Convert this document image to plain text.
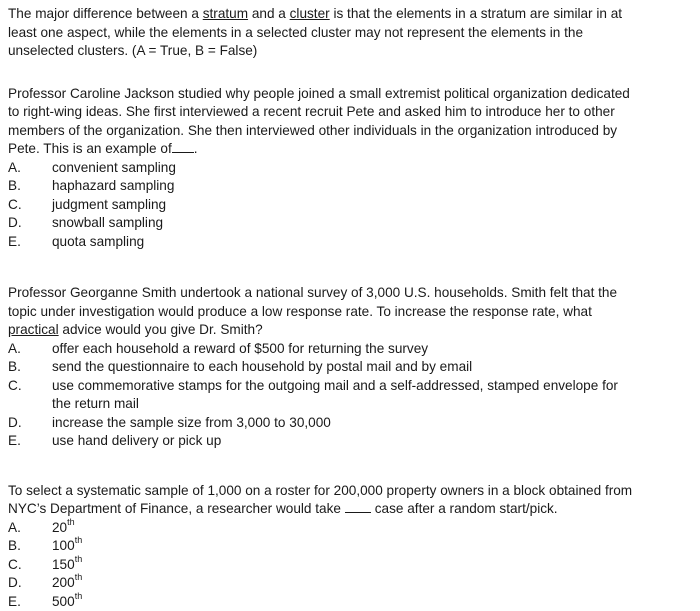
The major difference between a stratum and a cluster is that the elements in a stratum are similar in at least one aspect, while the elements in a selected cluster may not represent the elements in the unselected clusters. (A = True, B = False)

Professor Caroline Jackson studied why people joined a small extremist political organization dedicated to right-wing ideas. She first interviewed a recent recruit Pete and asked him to introduce her to other members of the organization. She then interviewed other individuals in the organization introduced by Pete. This is an example of .
A.	convenient sampling
B.	haphazard sampling
C.	judgment sampling
D.	snowball sampling
E.	quota sampling
Professor Georganne Smith undertook a national survey of 3,000 U.S. households. Smith felt that the topic under investigation would produce a low response rate. To increase the response rate, what practical advice would you give Dr. Smith?
A.	offer each household a reward of $500 for returning the survey
B.	send the questionnaire to each household by postal mail and by email
C.	use commemorative stamps for the outgoing mail and a self-addressed, stamped envelope for the return mail
D.	increase the sample size from 3,000 to 30,000
E.	use hand delivery or pick up
To select a systematic sample of 1,000 on a roster for 200,000 property owners in a block obtained from NYC’s Department of Finance, a researcher would take case after a random start/pick.
A.	20th
B.	100th
C.	150th
D.	200th
E.	500th
